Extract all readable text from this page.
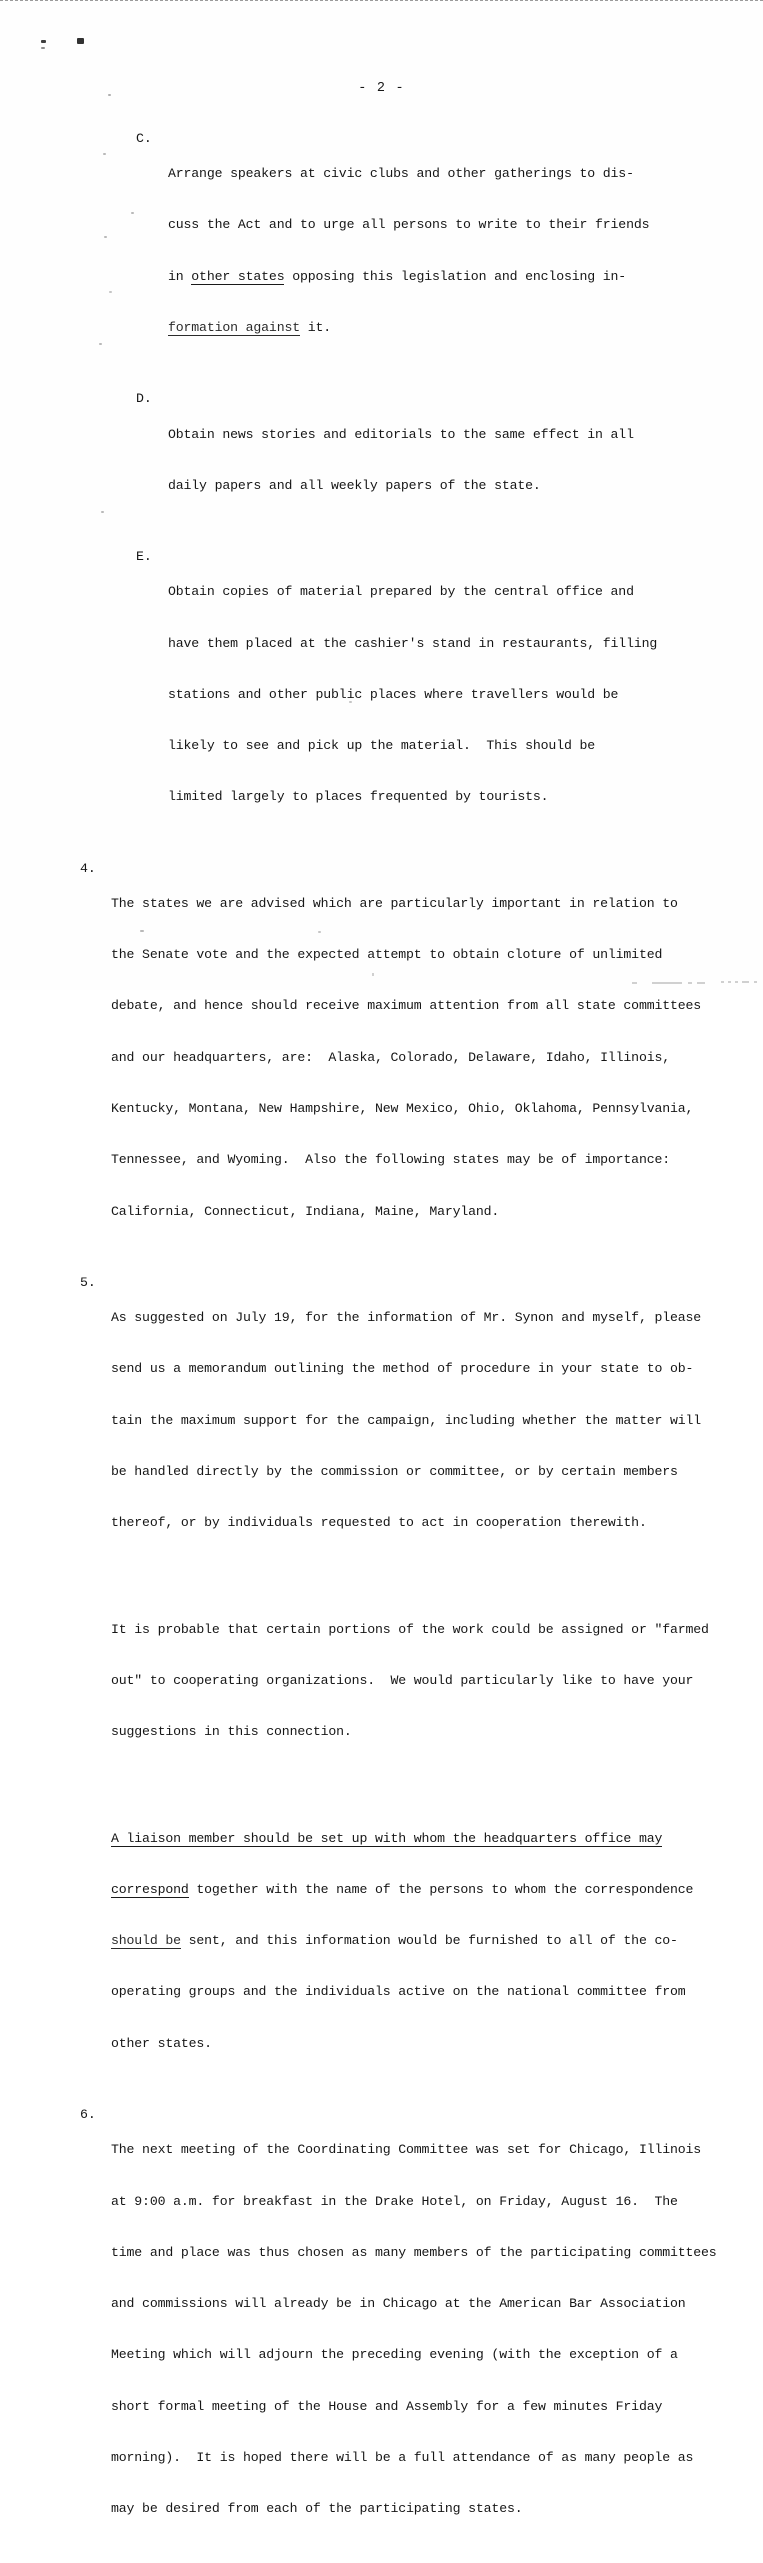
- 2 -
C.

Arrange speakers at civic clubs and other gatherings to dis-

cuss the Act and to urge all persons to write to their friends

in other states opposing this legislation and enclosing in-

formation against it.

D.

Obtain news stories and editorials to the same effect in all

daily papers and all weekly papers of the state.

E.

Obtain copies of material prepared by the central office and

have them placed at the cashier's stand in restaurants, filling

stations and other public places where travellers would be

likely to see and pick up the material.  This should be

limited largely to places frequented by tourists.

4.

The states we are advised which are particularly important in relation to

the Senate vote and the expected attempt to obtain cloture of unlimited

debate, and hence should receive maximum attention from all state committees

and our headquarters, are:  Alaska, Colorado, Delaware, Idaho, Illinois,

Kentucky, Montana, New Hampshire, New Mexico, Ohio, Oklahoma, Pennsylvania,

Tennessee, and Wyoming.  Also the following states may be of importance:

California, Connecticut, Indiana, Maine, Maryland.

5.

As suggested on July 19, for the information of Mr. Synon and myself, please

send us a memorandum outlining the method of procedure in your state to ob-

tain the maximum support for the campaign, including whether the matter will

be handled directly by the commission or committee, or by certain members

thereof, or by individuals requested to act in cooperation therewith.

It is probable that certain portions of the work could be assigned or "farmed

out" to cooperating organizations.  We would particularly like to have your

suggestions in this connection.

A liaison member should be set up with whom the headquarters office may

correspond together with the name of the persons to whom the correspondence

should be sent, and this information would be furnished to all of the co-

operating groups and the individuals active on the national committee from

other states.

6.

The next meeting of the Coordinating Committee was set for Chicago, Illinois

at 9:00 a.m. for breakfast in the Drake Hotel, on Friday, August 16.  The

time and place was thus chosen as many members of the participating committees

and commissions will already be in Chicago at the American Bar Association

Meeting which will adjourn the preceding evening (with the exception of a

short formal meeting of the House and Assembly for a few minutes Friday

morning).  It is hoped there will be a full attendance of as many people as

may be desired from each of the participating states.
